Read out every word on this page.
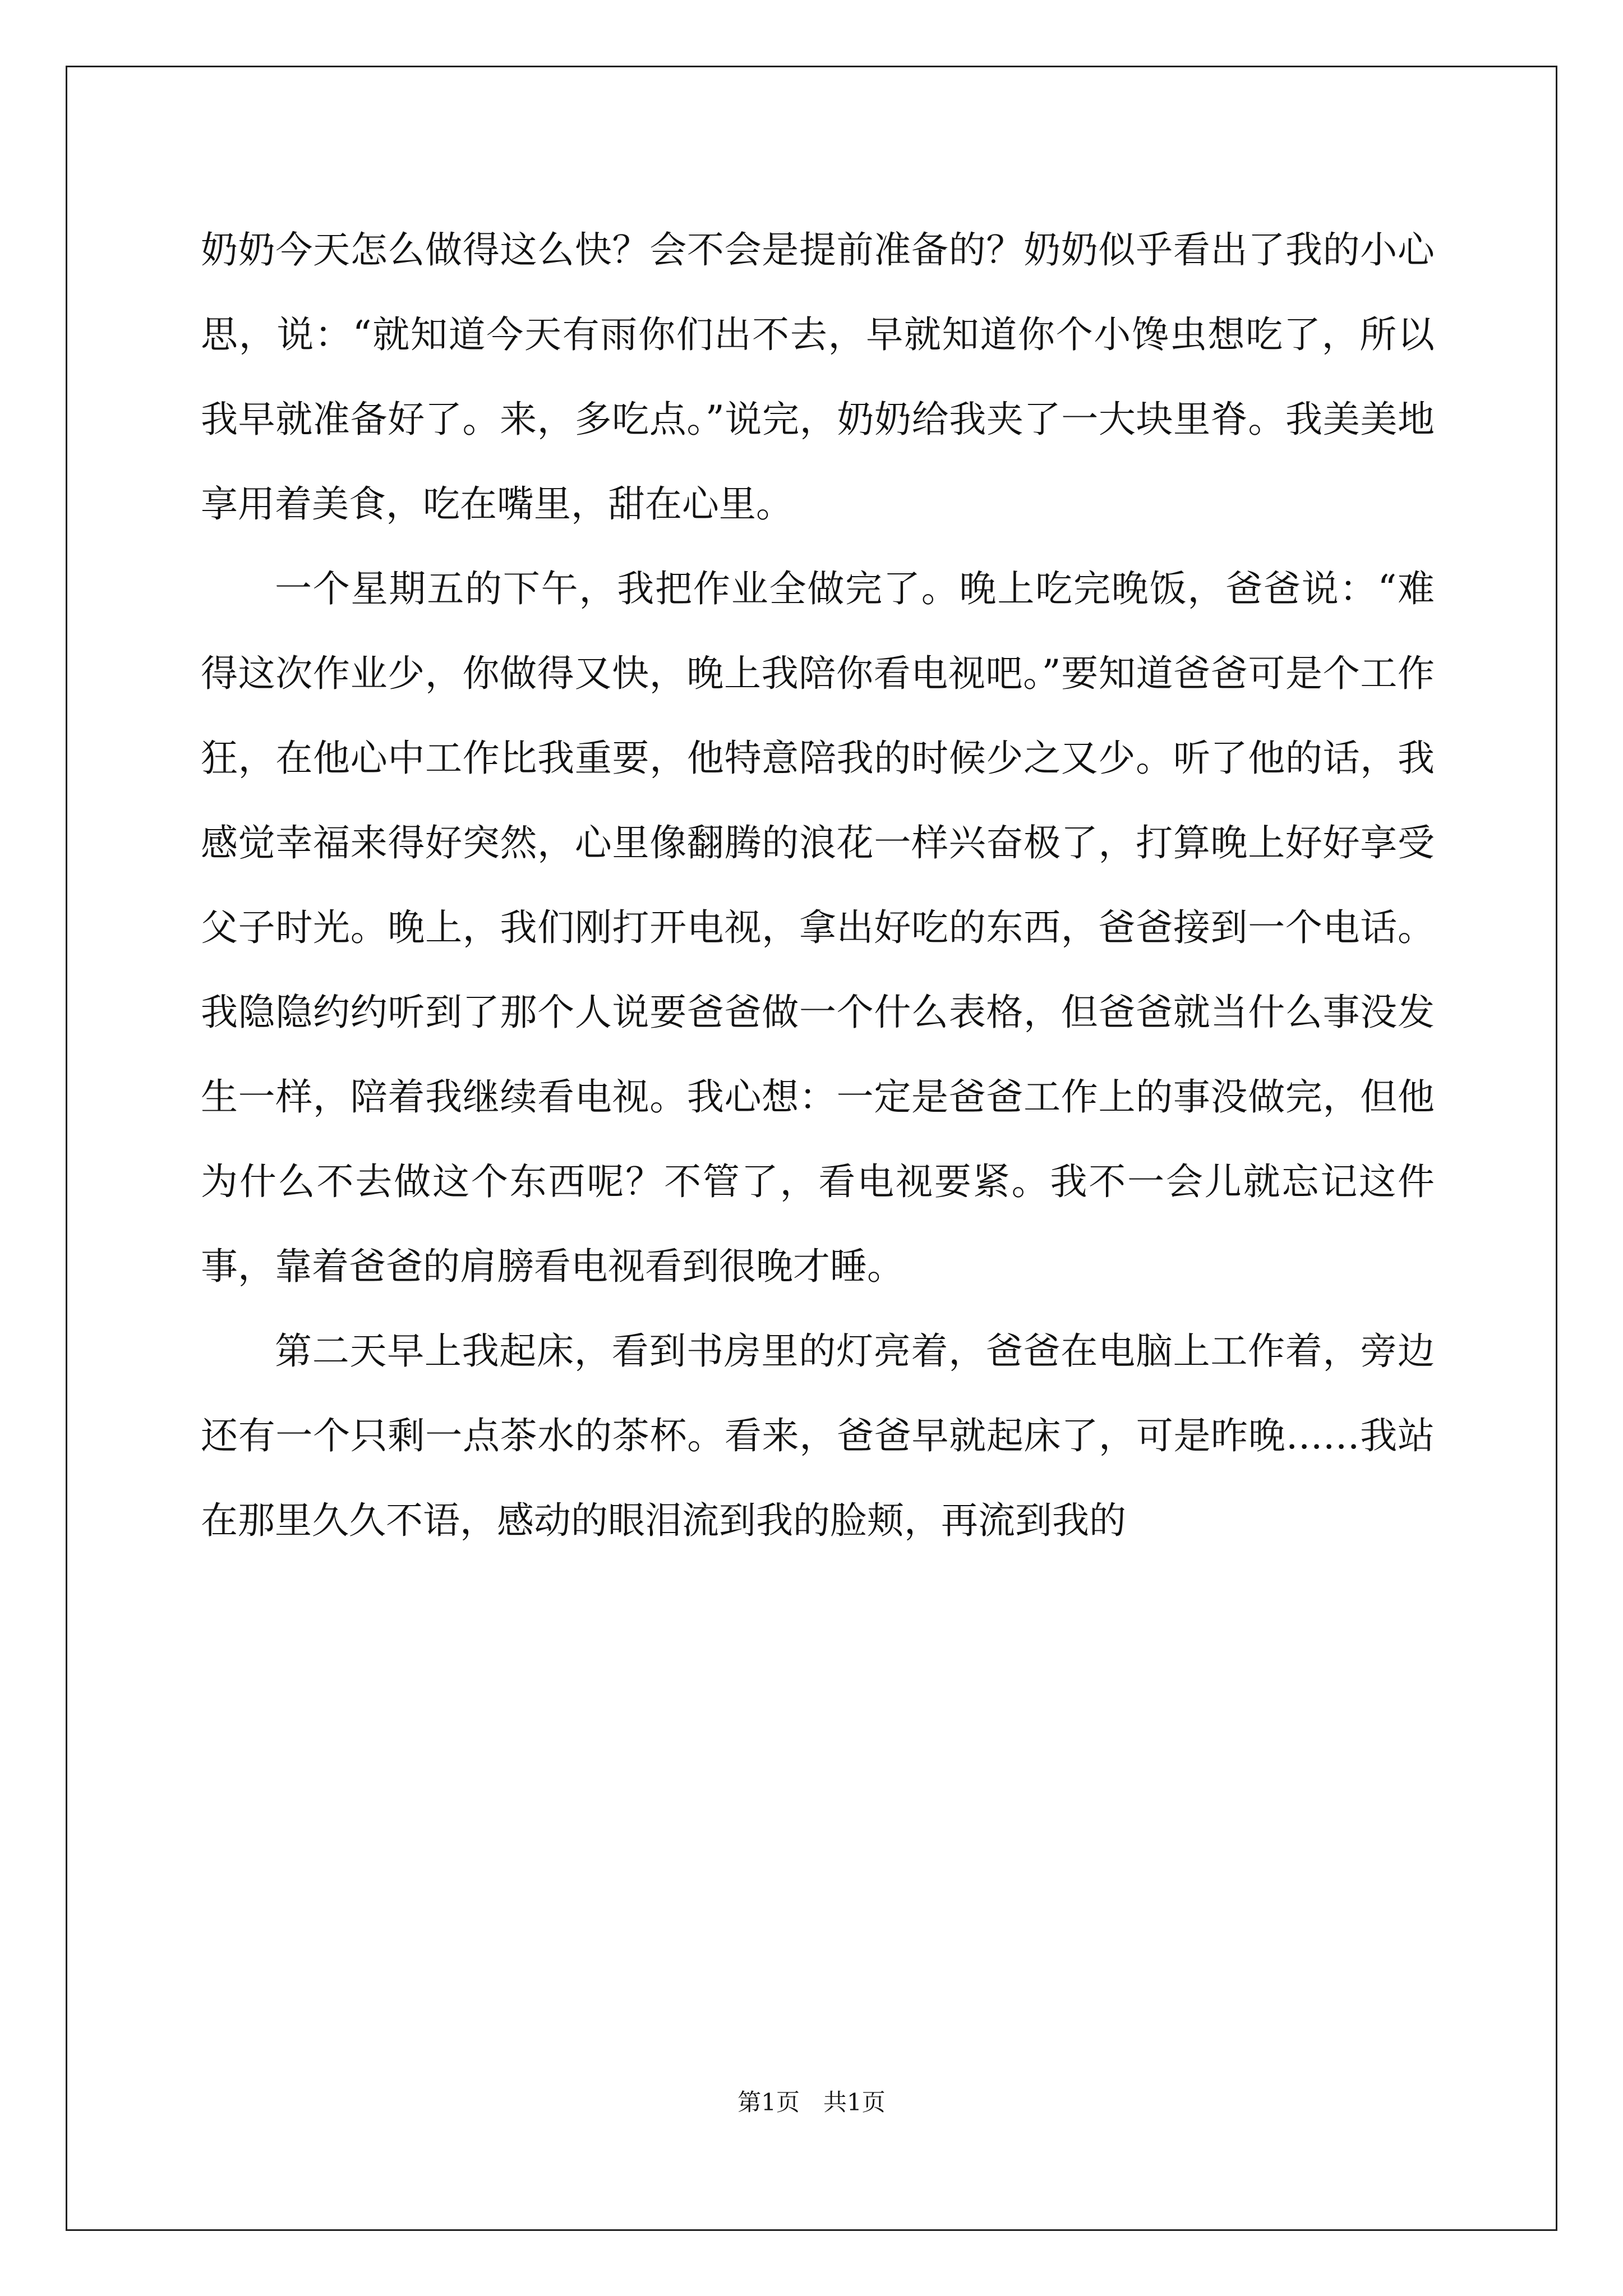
奶奶今天怎么做得这么快？会不会是提前准备的？奶奶似乎看出了我的小心思，说：“就知道今天有雨你们出不去，早就知道你个小馋虫想吃了，所以我早就准备好了。来，多吃点。”说完，奶奶给我夹了一大块里脊。我美美地享用着美食，吃在嘴里，甜在心里。

一个星期五的下午，我把作业全做完了。晚上吃完晚饭，爸爸说：“难得这次作业少，你做得又快，晚上我陪你看电视吧。”要知道爸爸可是个工作狂，在他心中工作比我重要，他特意陪我的时候少之又少。听了他的话，我感觉幸福来得好突然，心里像翻腾的浪花一样兴奋极了，打算晚上好好享受父子时光。晚上，我们刚打开电视，拿出好吃的东西，爸爸接到一个电话。我隐隐约约听到了那个人说要爸爸做一个什么表格，但爸爸就当什么事没发生一样，陪着我继续看电视。我心想：一定是爸爸工作上的事没做完，但他为什么不去做这个东西呢？不管了，看电视要紧。我不一会儿就忘记这件事，靠着爸爸的肩膀看电视看到很晚才睡。

第二天早上我起床，看到书房里的灯亮着，爸爸在电脑上工作着，旁边还有一个只剩一点茶水的茶杯。看来，爸爸早就起床了，可是昨晚……我站在那里久久不语，感动的眼泪流到我的脸颊，再流到我的

第1页　共1页
